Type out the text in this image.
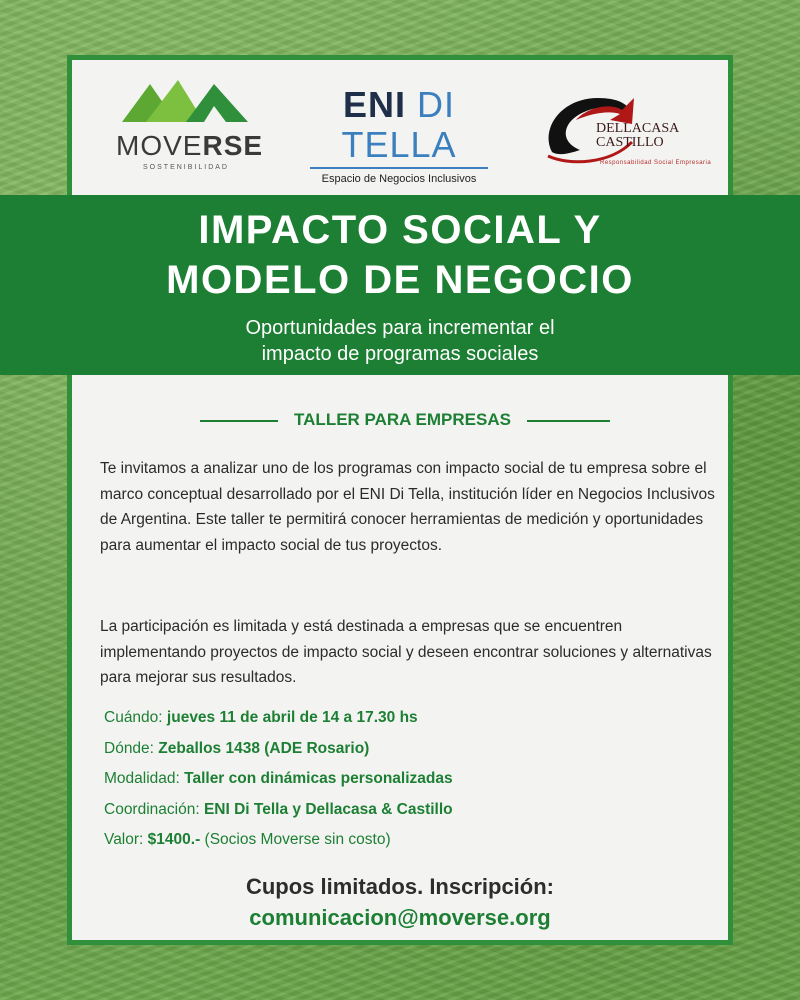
MOVERSE
SOSTENIBILIDAD
ENI DI TELLA
Espacio de Negocios Inclusivos
DELLACASA
CASTILLO
Responsabilidad Social Empresaria
IMPACTO SOCIAL Y
MODELO DE NEGOCIO
Oportunidades para incrementar el
impacto de programas sociales
TALLER PARA EMPRESAS

Te invitamos a analizar uno de los programas con impacto social de tu empresa sobre el marco conceptual desarrollado por el ENI Di Tella, institución líder en Negocios Inclusivos de Argentina. Este taller te permitirá conocer herramientas de medición y oportunidades para aumentar el impacto social de tus proyectos.

La participación es limitada y está destinada a empresas que se encuentren implementando proyectos de impacto social y deseen encontrar soluciones y alternativas para mejorar sus resultados.

Cuándo: jueves 11 de abril de 14 a 17.30 hs
Dónde: Zeballos 1438 (ADE Rosario)
Modalidad: Taller con dinámicas personalizadas
Coordinación: ENI Di Tella y Dellacasa & Castillo
Valor: $1400.- (Socios Moverse sin costo)
Cupos limitados. Inscripción:
comunicacion@moverse.org
